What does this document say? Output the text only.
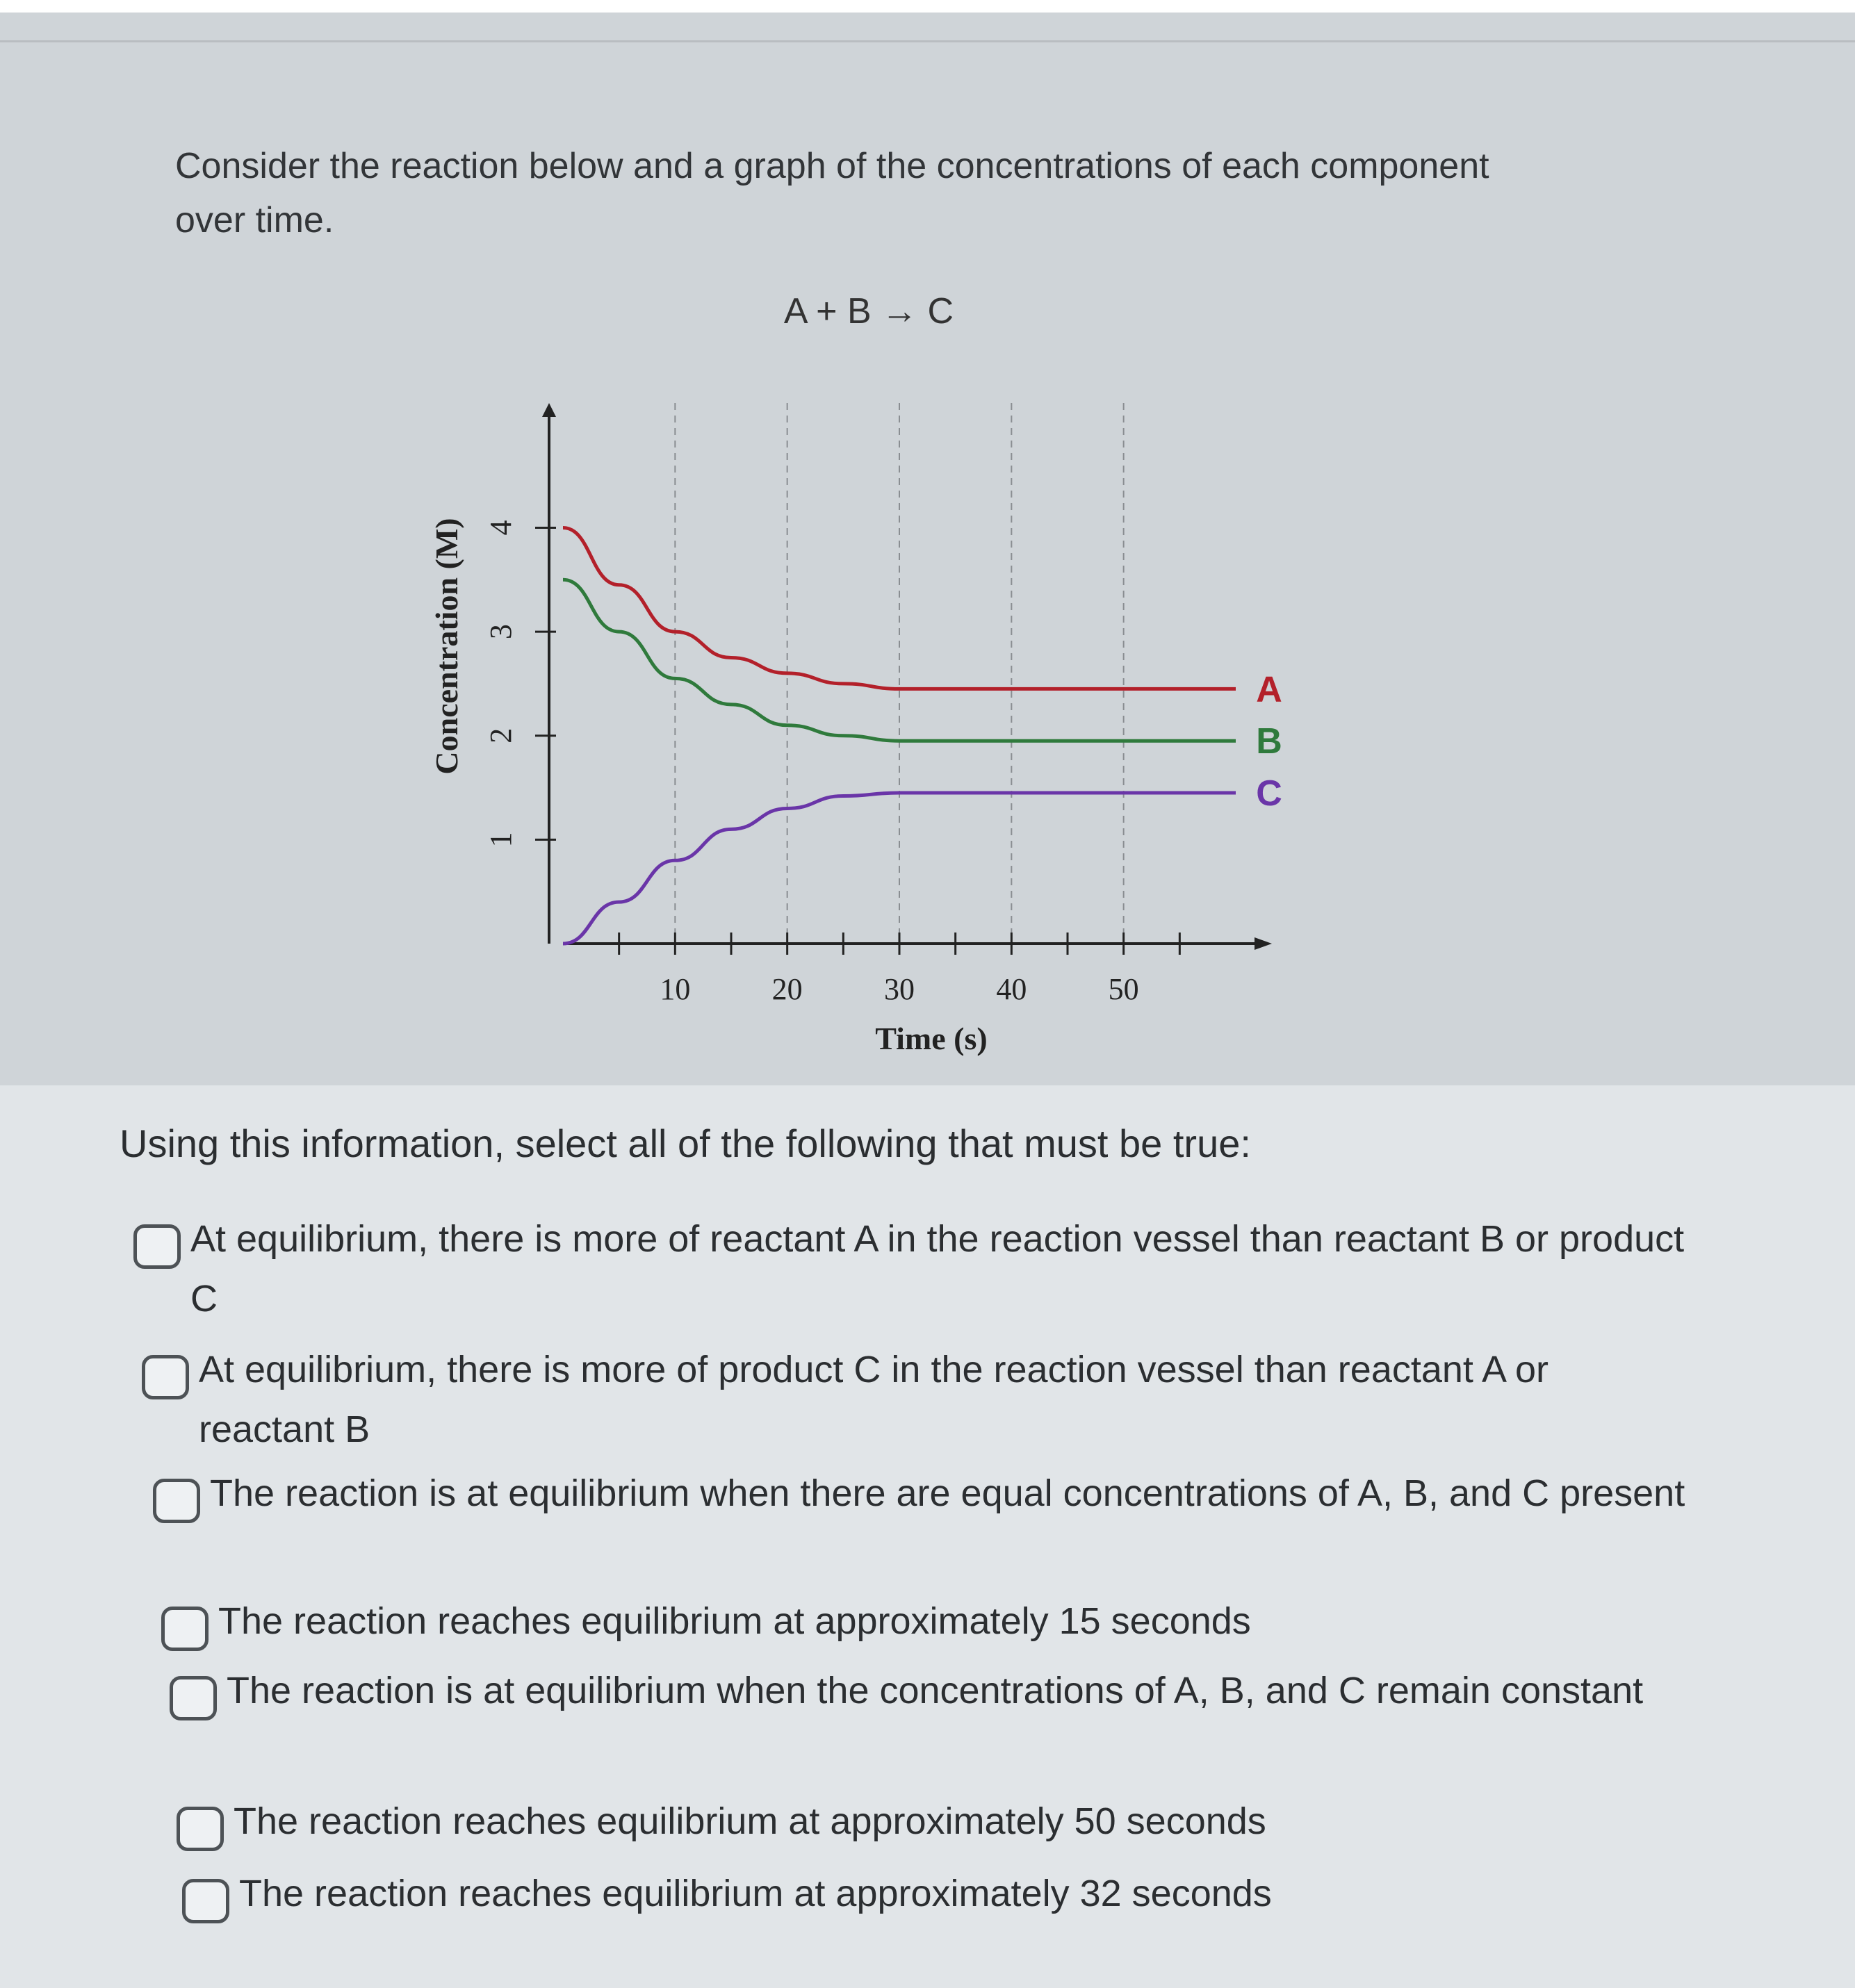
Consider the reaction below and a graph of the concentrations of each component over time.
A + B → C
10	20	30	40	50
1
2
3
4
Time (s)
Concentration (M)	A
B
C
Using this information, select all of the following that must be true:
At equilibrium, there is more of reactant A in the reaction vessel than reactant B or product C
At equilibrium, there is more of product C in the reaction vessel than reactant A or reactant B
The reaction is at equilibrium when there are equal concentrations of A, B, and C present
The reaction reaches equilibrium at approximately 15 seconds
The reaction is at equilibrium when the concentrations of A, B, and C remain constant
The reaction reaches equilibrium at approximately 50 seconds
The reaction reaches equilibrium at approximately 32 seconds
